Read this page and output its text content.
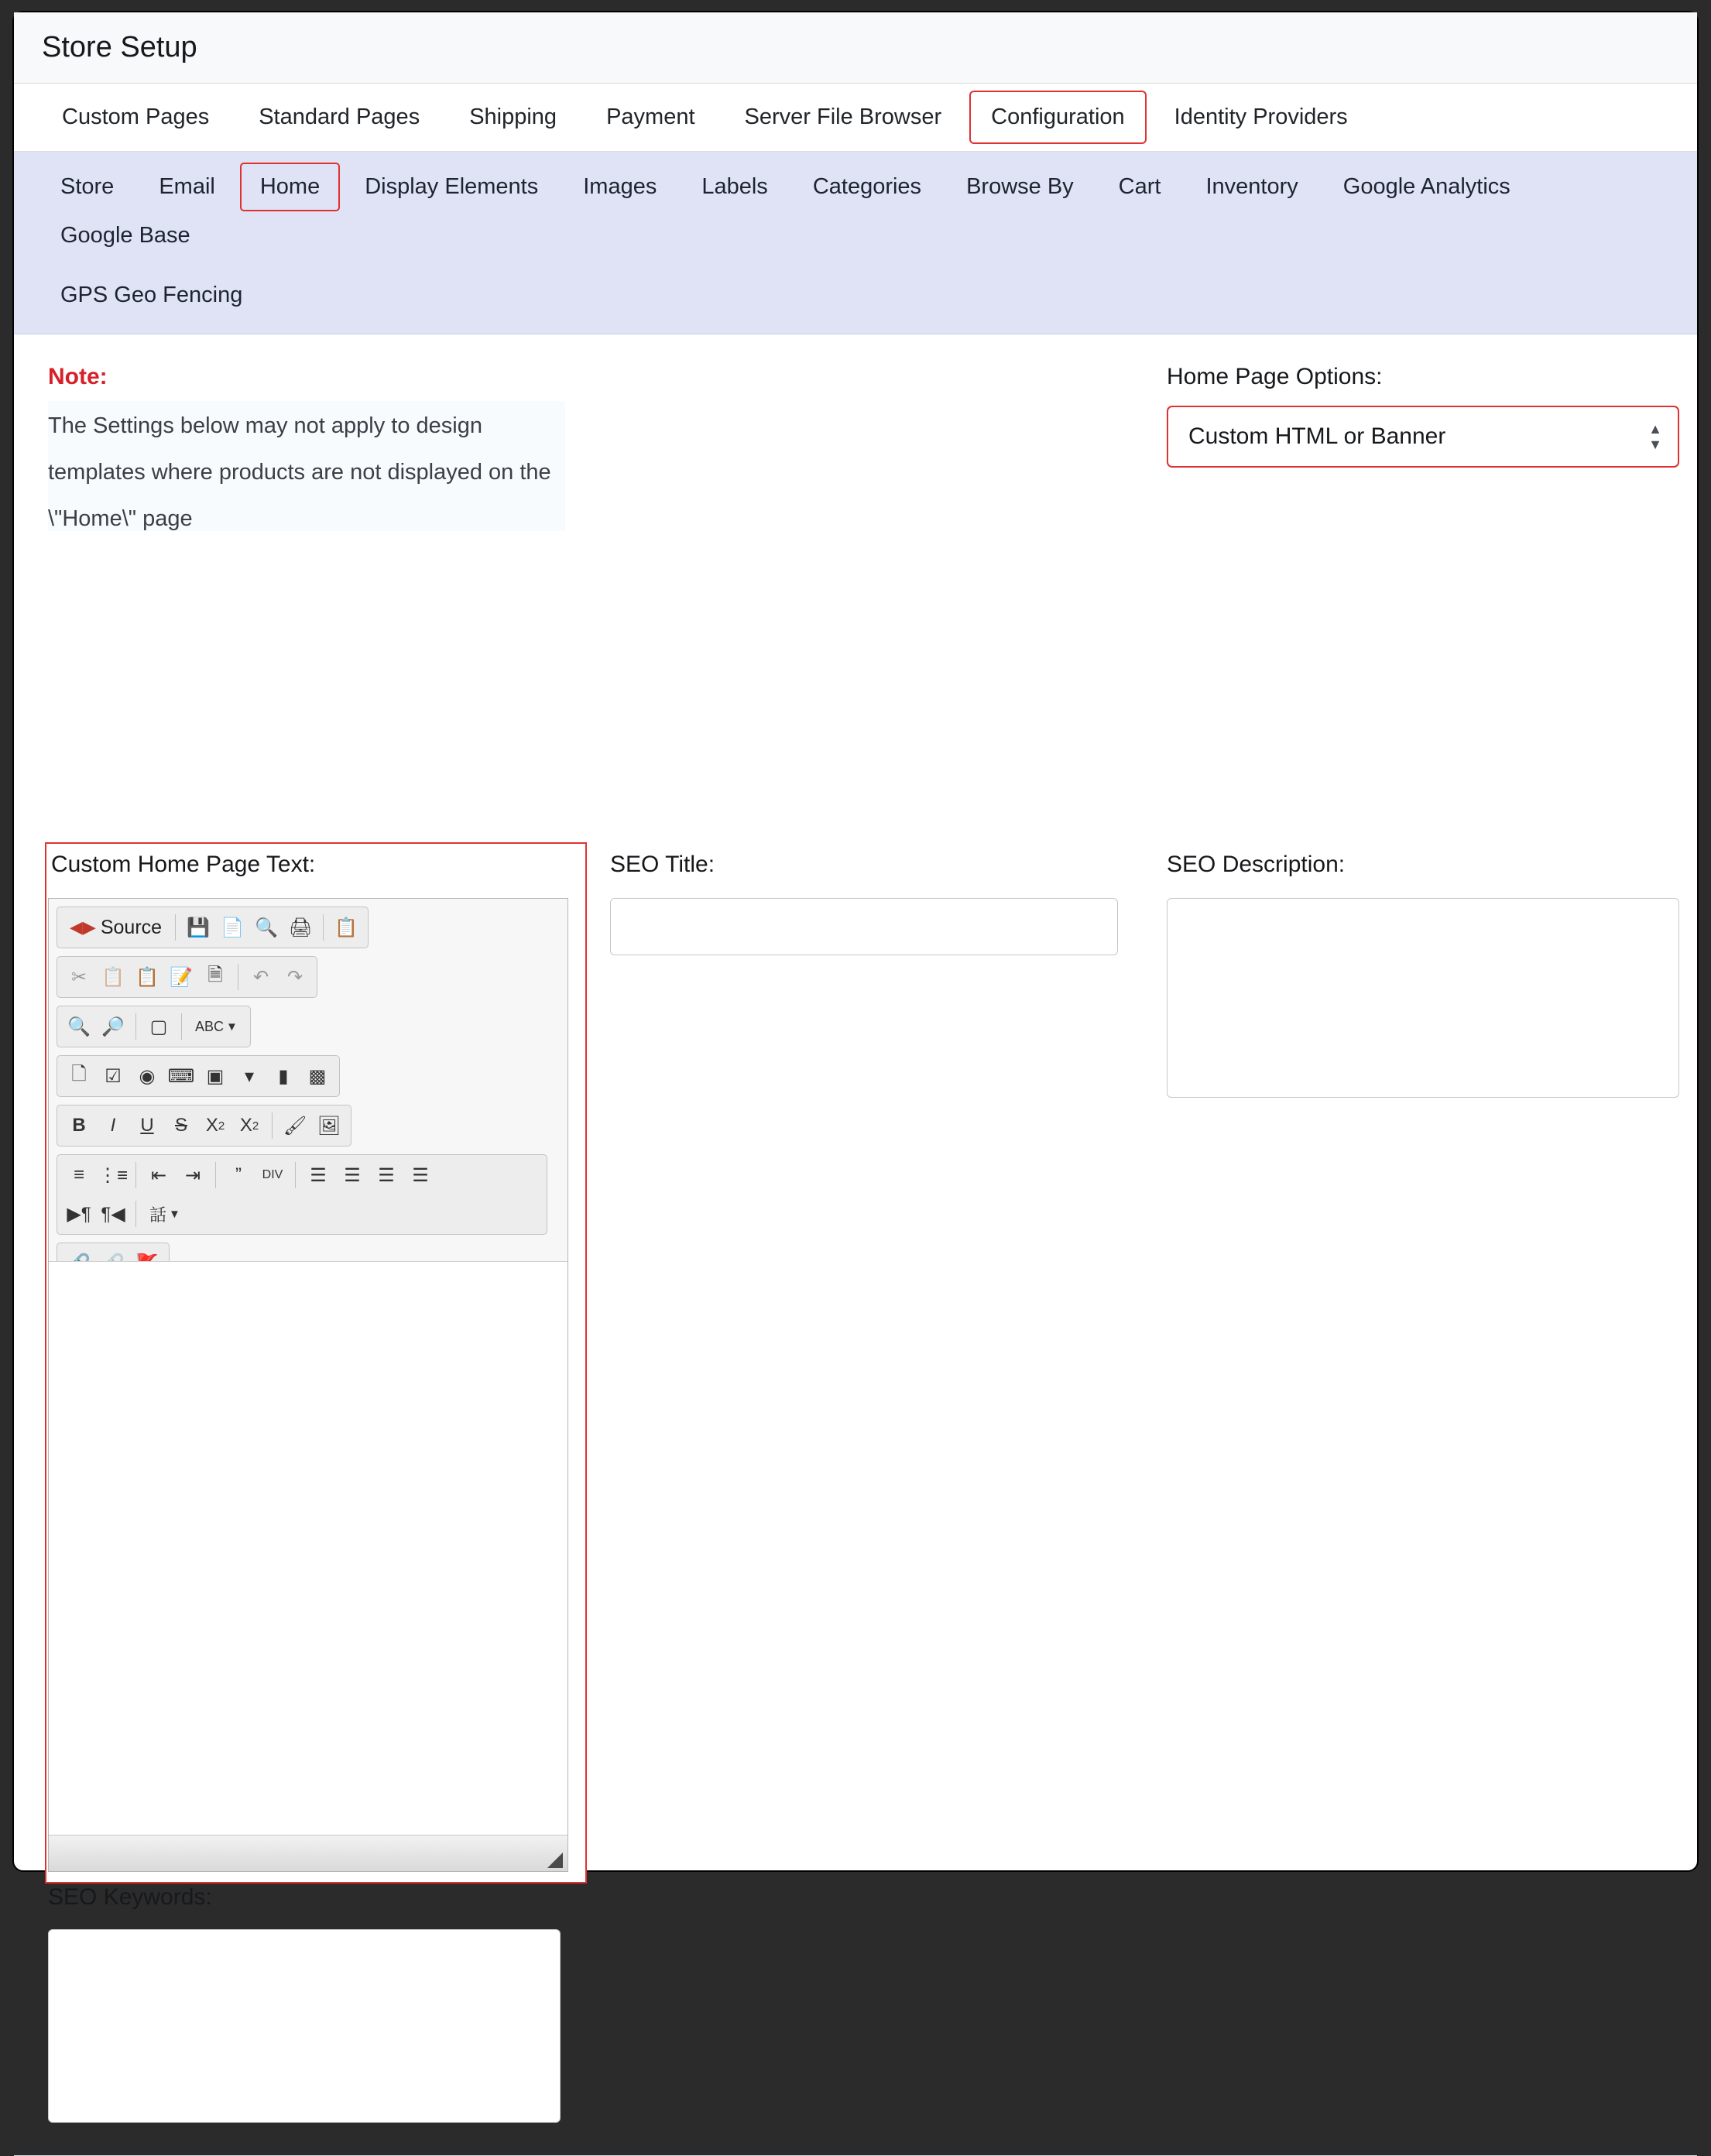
Store Setup
Custom Pages	Standard Pages	Shipping	Payment	Server File Browser	Configuration	Identity Providers
Store	Email	Home	Display Elements	Images	Labels	Categories	Browse By	Cart	Inventory	Google Analytics
Google Base
GPS Geo Fencing
Note:
The Settings below may not apply to design templates where products are not displayed on the \"Home\" page
Home Page Options:
Custom HTML or Banner	▲
▼
Custom Home Page Text:
◀▶ Source 💾 📄 🔍 🖨 📋
✂ 📋 📋 📝 🗎	↶ ↷
🔍 🔎	▢	ABC ▼
🗋 ☑ ◉ ⌨ ▣	▾	▮	▩
B I U S X 2 X 2 🖌 🖼
≡ ⋮≡	⇤ ⇥	”	DIV	☰ ☰ ☰ ☰
▶¶ ¶◀ 話 ▼

SEO Title:	SEO Description:
SEO Keywords:
